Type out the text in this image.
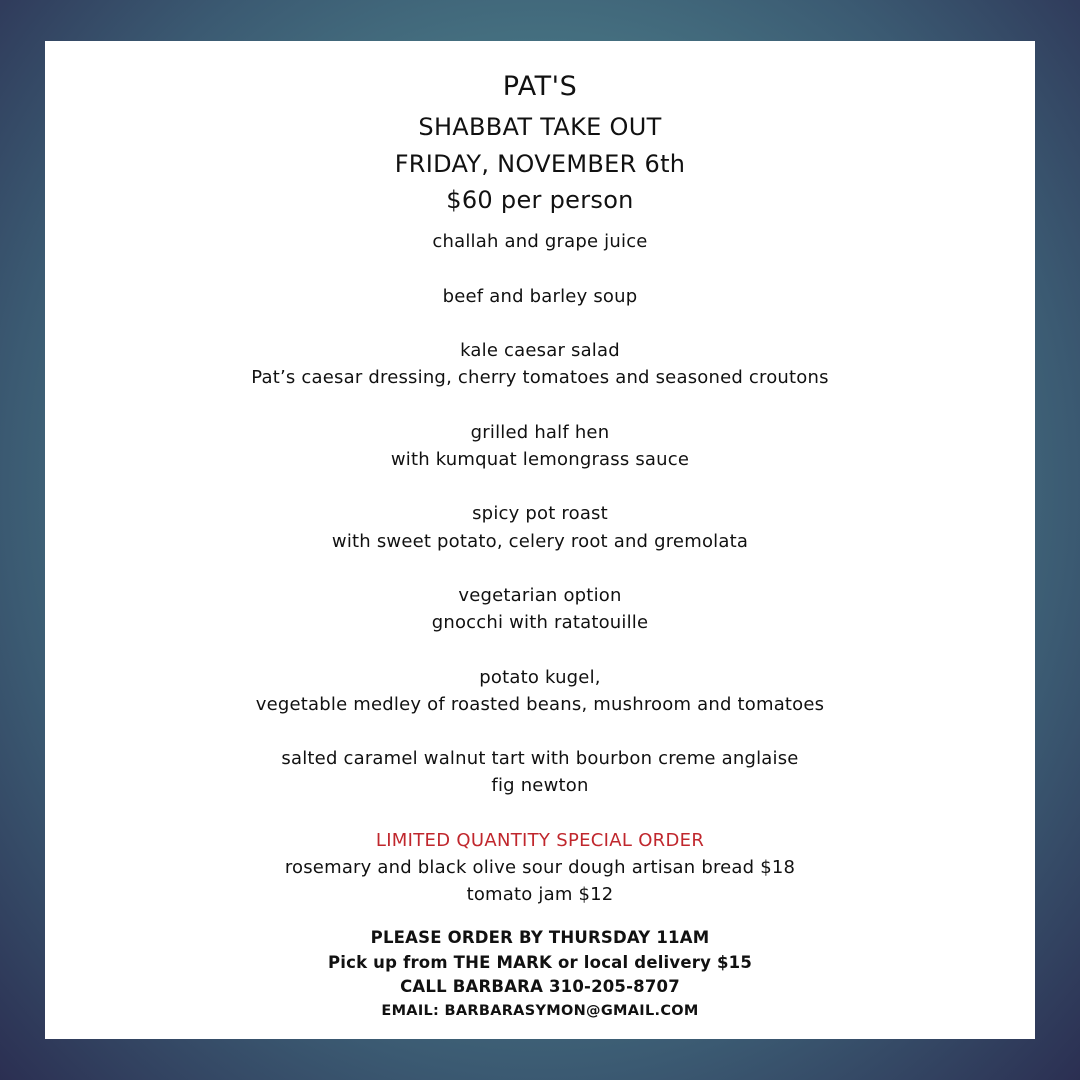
PAT'S
SHABBAT TAKE OUT
FRIDAY, NOVEMBER 6th
$60 per person
challah and grape juice
beef and barley soup
kale caesar salad
Pat’s caesar dressing, cherry tomatoes and seasoned croutons
grilled half hen
with kumquat lemongrass sauce
spicy pot roast
with sweet potato, celery root and gremolata
vegetarian option
gnocchi with ratatouille
potato kugel,
vegetable medley of roasted beans, mushroom and tomatoes
salted caramel walnut tart with bourbon creme anglaise
fig newton
LIMITED QUANTITY SPECIAL ORDER
rosemary and black olive sour dough artisan bread $18
tomato jam $12
PLEASE ORDER BY THURSDAY 11AM
Pick up from THE MARK or local delivery $15
CALL BARBARA 310-205-8707
EMAIL: BARBARASYMON@GMAIL.COM
